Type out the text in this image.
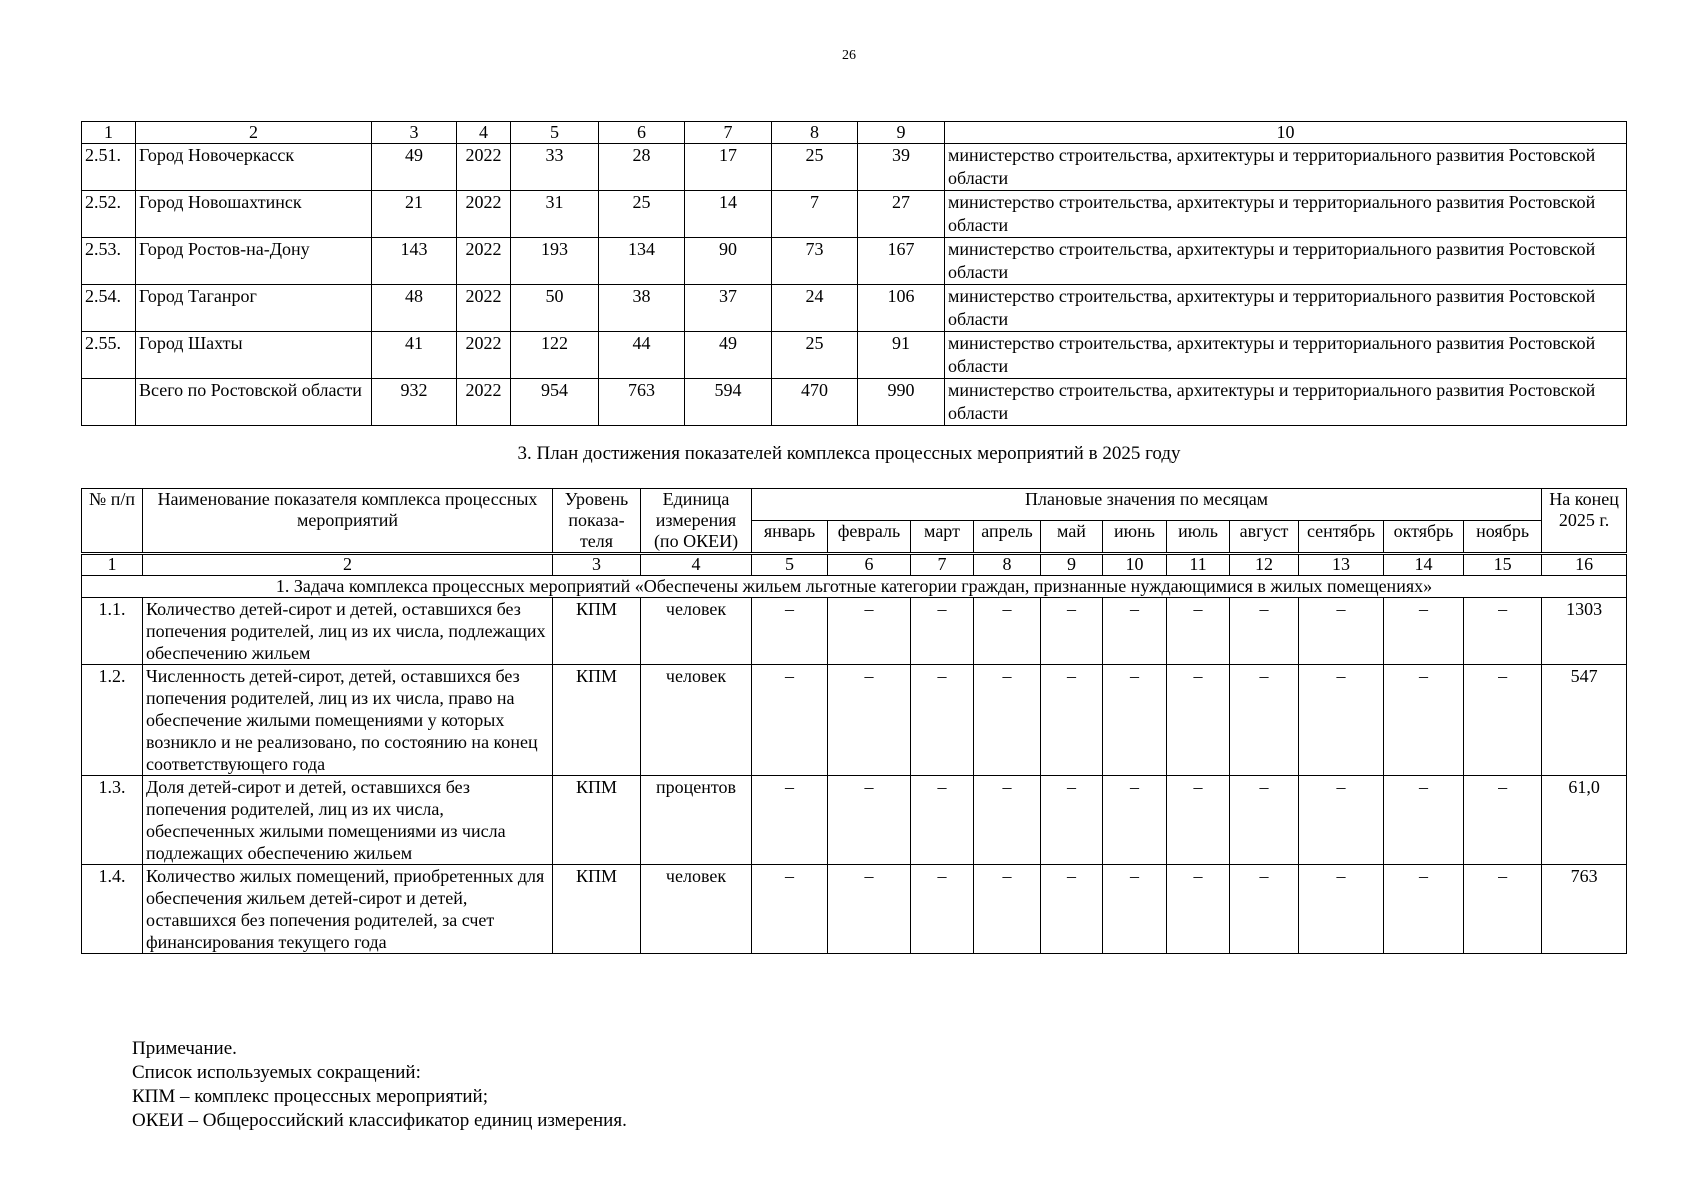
26
1	2	3	4	5	6	7	8	9	10
2.51.	Город Новочеркасск	49	2022	33	28	17	25	39	министерство строительства, архитектуры и территориального развития Ростовской области
2.52.	Город Новошахтинск	21	2022	31	25	14	7	27	министерство строительства, архитектуры и территориального развития Ростовской области
2.53.	Город Ростов-на-Дону	143	2022	193	134	90	73	167	министерство строительства, архитектуры и территориального развития Ростовской области
2.54.	Город Таганрог	48	2022	50	38	37	24	106	министерство строительства, архитектуры и территориального развития Ростовской области
2.55.	Город Шахты	41	2022	122	44	49	25	91	министерство строительства, архитектуры и территориального развития Ростовской области
	Всего по Ростовской области	932	2022	954	763	594	470	990	министерство строительства, архитектуры и территориального развития Ростовской области
3. План достижения показателей комплекса процессных мероприятий в 2025 году
№ п/п	Наименование показателя комплекса процессных мероприятий	Уровень показа-теля	Единица измерения (по ОКЕИ)	Плановые значения по месяцам											На конец 2025 г.
				январь	февраль	март	апрель	май	июнь	июль	август	сентябрь	октябрь	ноябрь	
1	2	3	4	5	6	7	8	9	10	11	12	13	14	15	16
1. Задача комплекса процессных мероприятий «Обеспечены жильем льготные категории граждан, признанные нуждающимися в жилых помещениях»															
1.1.	Количество детей-сирот и детей, оставшихся без попечения родителей, лиц из их числа, подлежащих обеспечению жильем	КПМ	человек	–	–	–	–	–	–	–	–	–	–	–	1303
1.2.	Численность детей-сирот, детей, оставшихся без попечения родителей, лиц из их числа, право на обеспечение жилыми помещениями у которых возникло и не реализовано, по состоянию на конец соответствующего года	КПМ	человек	–	–	–	–	–	–	–	–	–	–	–	547
1.3.	Доля детей-сирот и детей, оставшихся без попечения родителей, лиц из их числа, обеспеченных жилыми помещениями из числа подлежащих обеспечению жильем	КПМ	процентов	–	–	–	–	–	–	–	–	–	–	–	61,0
1.4.	Количество жилых помещений, приобретенных для обеспечения жильем детей-сирот и детей, оставшихся без попечения родителей, за счет финансирования текущего года	КПМ	человек	–	–	–	–	–	–	–	–	–	–	–	763
Примечание.
Список используемых сокращений:
КПМ – комплекс процессных мероприятий;
ОКЕИ – Общероссийский классификатор единиц измерения.
